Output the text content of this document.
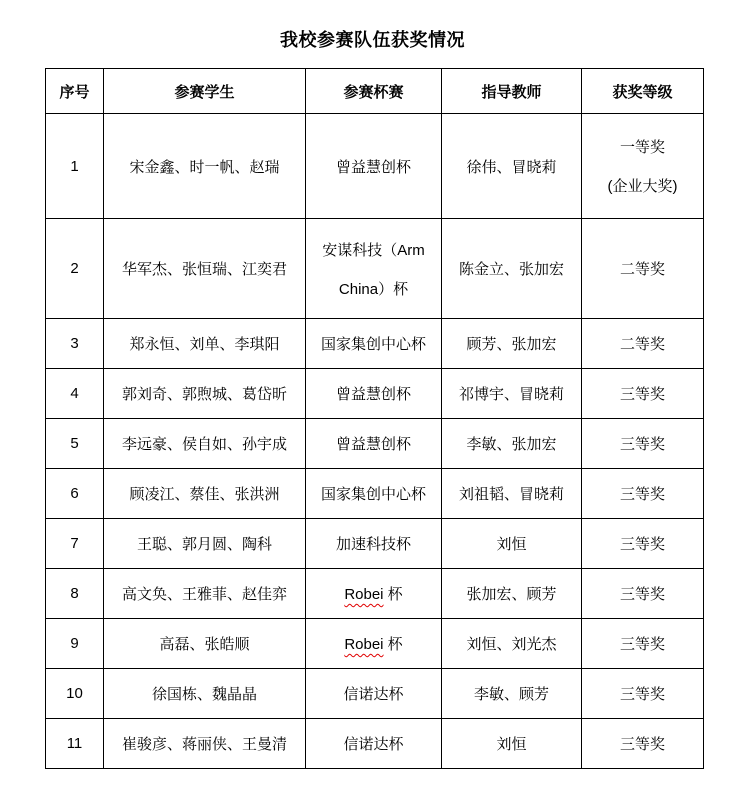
我校参赛队伍获奖情况
序号	参赛学生	参赛杯赛	指导教师	获奖等级

1	宋金鑫、时一帆、赵瑞	曾益慧创杯	徐伟、冒晓莉	一等奖
(企业大奖)

2	华军杰、张恒瑞、江奕君	安谋科技（Arm
China）杯	陈金立、张加宏	二等奖

3	郑永恒、刘单、李琪阳	国家集创中心杯	顾芳、张加宏	二等奖

4	郭刘奇、郭煦城、葛岱昕	曾益慧创杯	祁博宇、冒晓莉	三等奖

5	李远豪、侯自如、孙宇成	曾益慧创杯	李敏、张加宏	三等奖

6	顾凌江、蔡佳、张洪洲	国家集创中心杯	刘祖韬、冒晓莉	三等奖

7	王聪、郭月圆、陶科	加速科技杯	刘恒	三等奖

8	高文奂、王雅菲、赵佳弈	Robei 杯	张加宏、顾芳	三等奖

9	高磊、张皓顺	Robei 杯	刘恒、刘光杰	三等奖

10	徐国栋、魏晶晶	信诺达杯	李敏、顾芳	三等奖

11	崔骏彦、蒋丽侠、王曼清	信诺达杯	刘恒	三等奖
